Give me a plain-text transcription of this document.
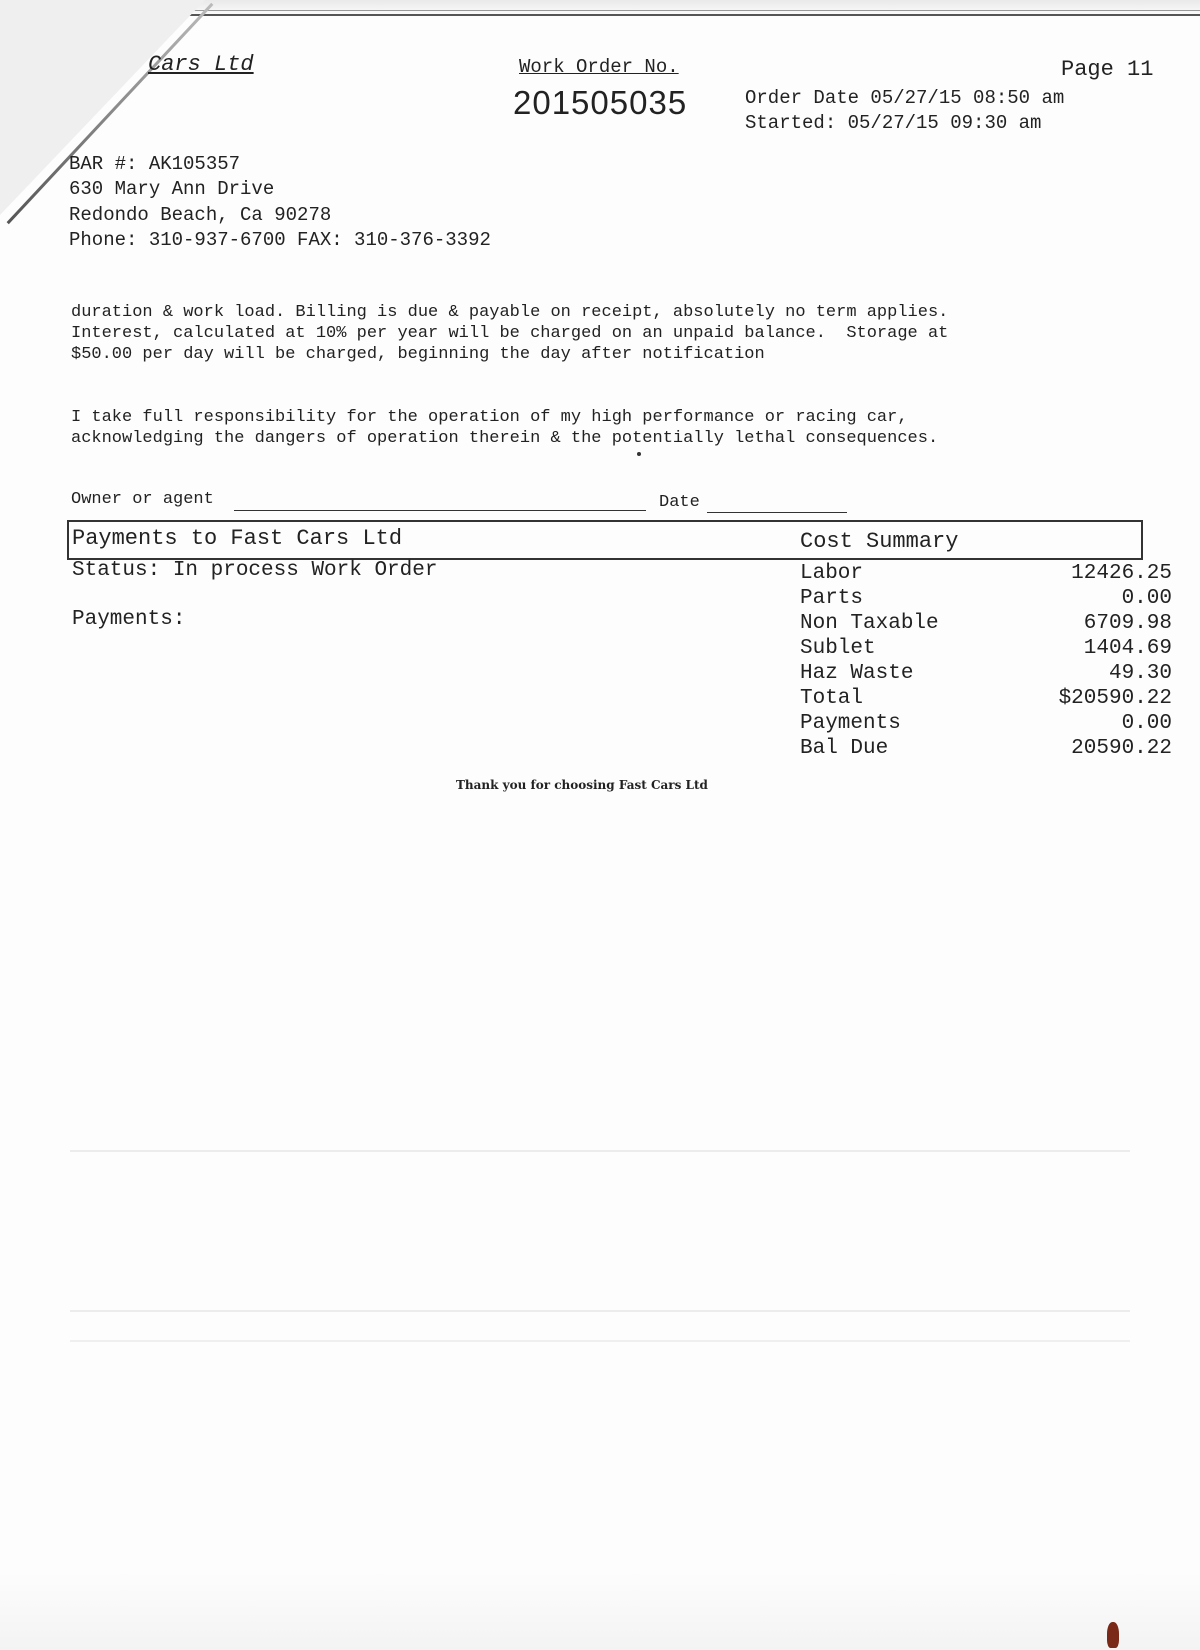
Cars Ltd	Work Order No.
201505035
Page 11
Order Date 05/27/15 08:50 am
Started: 05/27/15 09:30 am
BAR #: AK105357
630 Mary Ann Drive
Redondo Beach, Ca 90278
Phone: 310-937-6700 FAX: 310-376-3392
duration & work load. Billing is due & payable on receipt, absolutely no term applies.
Interest, calculated at 10% per year will be charged on an unpaid balance.  Storage at
$50.00 per day will be charged, beginning the day after notification
I take full responsibility for the operation of my high performance or racing car,
acknowledging the dangers of operation therein & the potentially lethal consequences.
Owner or agent	Date
Payments to Fast Cars Ltd	Cost Summary
Status: In process Work Order
Payments:
Labor	12426.25
Parts	0.00
Non Taxable	6709.98
Sublet	1404.69
Haz Waste	49.30
Total	$20590.22
Payments	0.00
Bal Due	20590.22
Thank you for choosing Fast Cars Ltd
